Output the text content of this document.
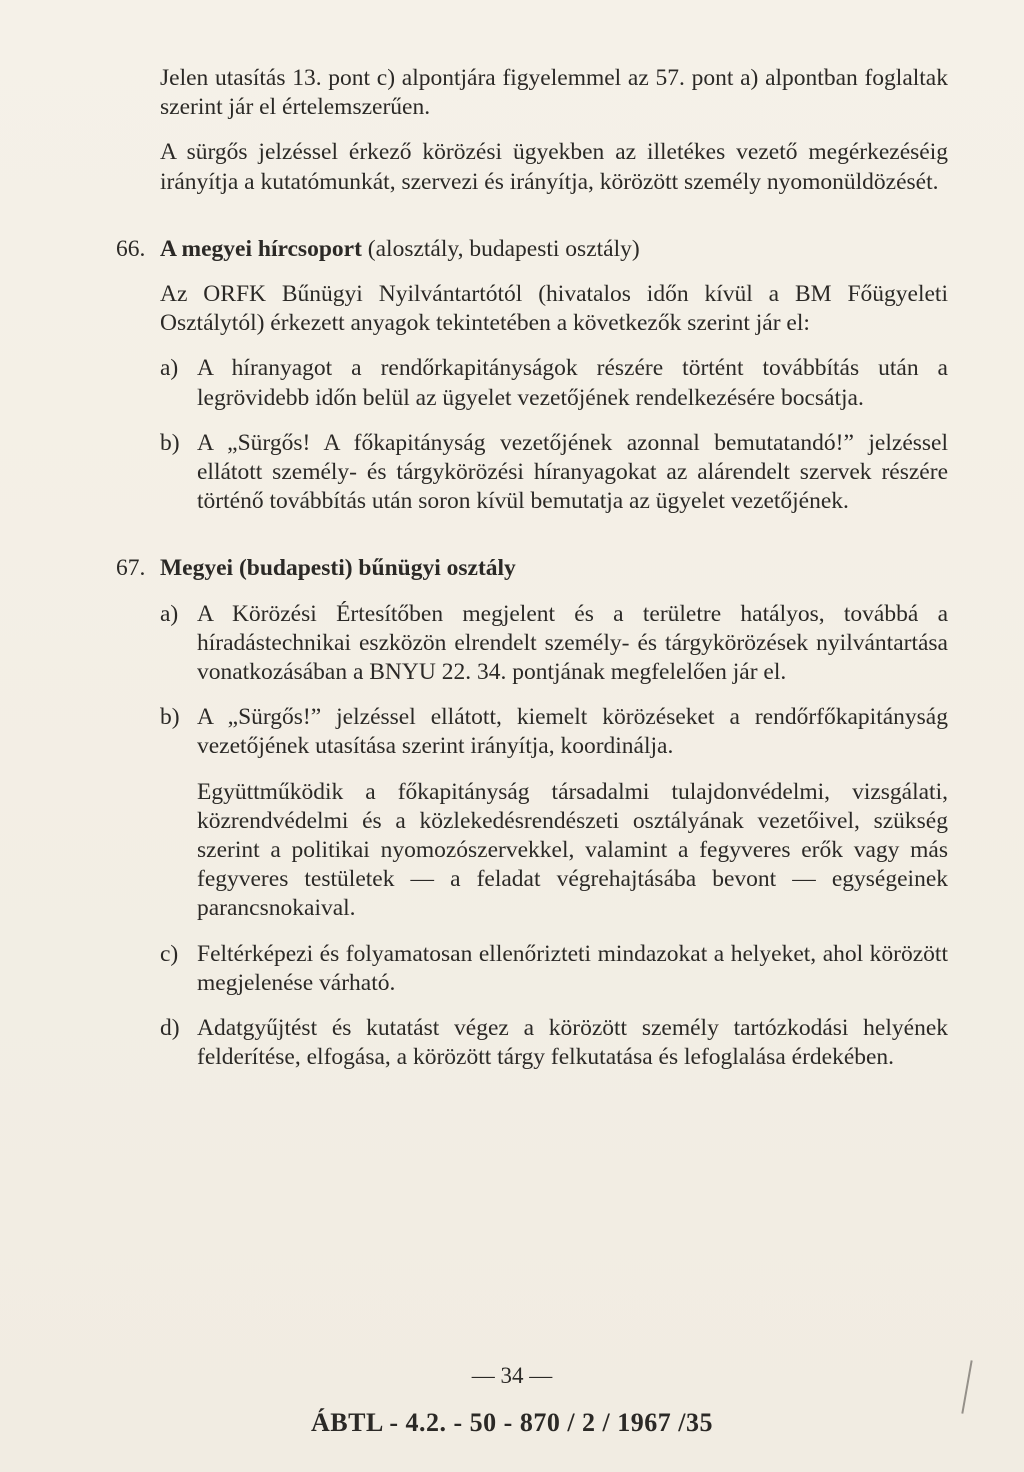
Jelen utasítás 13. pont c) alpontjára figyelemmel az 57. pont a) alpontban foglaltak szerint jár el értelemszerűen.

A sürgős jelzéssel érkező körözési ügyekben az illetékes vezető megérkezéséig irányítja a kutatómunkát, szervezi és irányítja, körözött személy nyomonüldözését.

66. A megyei hírcsoport (alosztály, budapesti osztály)

Az ORFK Bűnügyi Nyilvántartótól (hivatalos időn kívül a BM Főügyeleti Osztálytól) érkezett anyagok tekintetében a következők szerint jár el:

a) A híranyagot a rendőrkapitányságok részére történt továbbítás után a legrövidebb időn belül az ügyelet vezetőjének rendelkezésére bocsátja.

b) A „Sürgős! A főkapitányság vezetőjének azonnal bemutatandó!” jelzéssel ellátott személy- és tárgykörözési híranyagokat az alárendelt szervek részére történő továbbítás után soron kívül bemutatja az ügyelet vezetőjének.

67. Megyei (budapesti) bűnügyi osztály

a) A Körözési Értesítőben megjelent és a területre hatályos, továbbá a híradástechnikai eszközön elrendelt személy- és tárgykörözések nyilvántartása vonatkozásában a BNYU 22. 34. pontjának megfelelően jár el.

b) A „Sürgős!” jelzéssel ellátott, kiemelt körözéseket a rendőrfőkapitányság vezetőjének utasítása szerint irányítja, koordinálja.

Együttműködik a főkapitányság társadalmi tulajdonvédelmi, vizsgálati, közrendvédelmi és a közlekedésrendészeti osztályának vezetőivel, szükség szerint a politikai nyomozószervekkel, valamint a fegyveres erők vagy más fegyveres testületek — a feladat végrehajtásába bevont — egységeinek parancsnokaival.

c) Feltérképezi és folyamatosan ellenőrizteti mindazokat a helyeket, ahol körözött megjelenése várható.

d) Adatgyűjtést és kutatást végez a körözött személy tartózkodási helyének felderítése, elfogása, a körözött tárgy felkutatása és lefoglalása érdekében.

— 34 —
ÁBTL - 4.2. - 50 - 870 / 2 / 1967 /35
